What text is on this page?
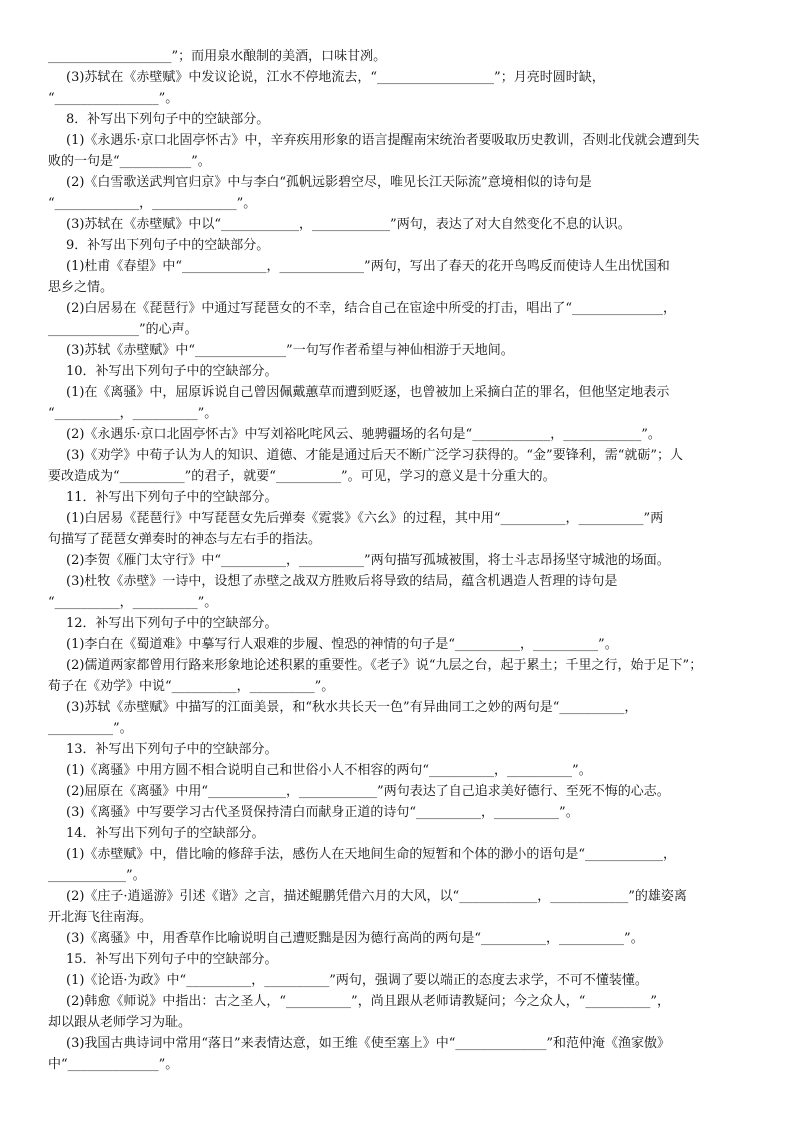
___________________”；而用泉水酿制的美酒，口味甘冽。
(3)苏轼在《赤壁赋》中发议论说，江水不停地流去，“__________________”；月亮时圆时缺，
“________________”。
8．补写出下列句子中的空缺部分。
(1)《永遇乐·京口北固亭怀古》中，辛弃疾用形象的语言提醒南宋统治者要吸取历史教训，否则北伐就会遭到失
败的一句是“___________”。
(2)《白雪歌送武判官归京》中与李白“孤帆远影碧空尽，唯见长江天际流”意境相似的诗句是
“_____________，_____________”。
(3)苏轼在《赤壁赋》中以“____________，____________”两句，表达了对大自然变化不息的认识。
9．补写出下列句子中的空缺部分。
(1)杜甫《春望》中“_____________，_____________”两句，写出了春天的花开鸟鸣反而使诗人生出忧国和
思乡之情。
(2)白居易在《琵琶行》中通过写琵琶女的不幸，结合自己在宦途中所受的打击，唱出了“______________，
______________”的心声。
(3)苏轼《赤壁赋》中“______________”一句写作者希望与神仙相游于天地间。
10．补写出下列句子中的空缺部分。
(1)在《离骚》中，屈原诉说自己曾因佩戴蕙草而遭到贬逐，也曾被加上采摘白芷的罪名，但他坚定地表示
“__________，__________”。
(2)《永遇乐·京口北固亭怀古》中写刘裕叱咤风云、驰骋疆场的名句是“____________，____________”。
(3)《劝学》中荀子认为人的知识、道德、才能是通过后天不断广泛学习获得的。“金”要锋利，需“就砺”；人
要改造成为“__________”的君子，就要“__________”。可见，学习的意义是十分重大的。
11．补写出下列句子中的空缺部分。
(1)白居易《琵琶行》中写琵琶女先后弹奏《霓裳》《六幺》的过程，其中用“__________，__________”两
句描写了琵琶女弹奏时的神态与左右手的指法。
(2)李贺《雁门太守行》中“__________，__________”两句描写孤城被围，将士斗志昂扬坚守城池的场面。
(3)杜牧《赤壁》一诗中，设想了赤壁之战双方胜败后将导致的结局，蕴含机遇造人哲理的诗句是
“__________，__________”。
12．补写出下列句子中的空缺部分。
(1)李白在《蜀道难》中摹写行人艰难的步履、惶恐的神情的句子是“__________，__________”。
(2)儒道两家都曾用行路来形象地论述积累的重要性。《老子》说“九层之台，起于累土；千里之行，始于足下”；
荀子在《劝学》中说“__________，__________”。
(3)苏轼《赤壁赋》中描写的江面美景，和“秋水共长天一色”有异曲同工之妙的两句是“__________，
__________”。
13．补写出下列句子中的空缺部分。
(1)《离骚》中用方圆不相合说明自己和世俗小人不相容的两句“__________，__________”。
(2)屈原在《离骚》中用“____________，____________”两句表达了自己追求美好德行、至死不悔的心志。
(3)《离骚》中写要学习古代圣贤保持清白而献身正道的诗句“__________，__________”。
14．补写出下列句子的空缺部分。
(1)《赤壁赋》中，借比喻的修辞手法，感伤人在天地间生命的短暂和个体的渺小的语句是“____________，
____________”。
(2)《庄子·逍遥游》引述《谐》之言，描述鲲鹏凭借六月的大风，以“____________，____________”的雄姿离
开北海飞往南海。
(3)《离骚》中，用香草作比喻说明自己遭贬黜是因为德行高尚的两句是“__________，__________”。
15．补写出下列句子中的空缺部分。
(1)《论语·为政》中“__________，__________”两句，强调了要以端正的态度去求学，不可不懂装懂。
(2)韩愈《师说》中指出：古之圣人，“__________”，尚且跟从老师请教疑问；今之众人，“__________”，
却以跟从老师学习为耻。
(3)我国古典诗词中常用“落日”来表情达意，如王维《使至塞上》中“______________”和范仲淹《渔家傲》
中“______________”。
